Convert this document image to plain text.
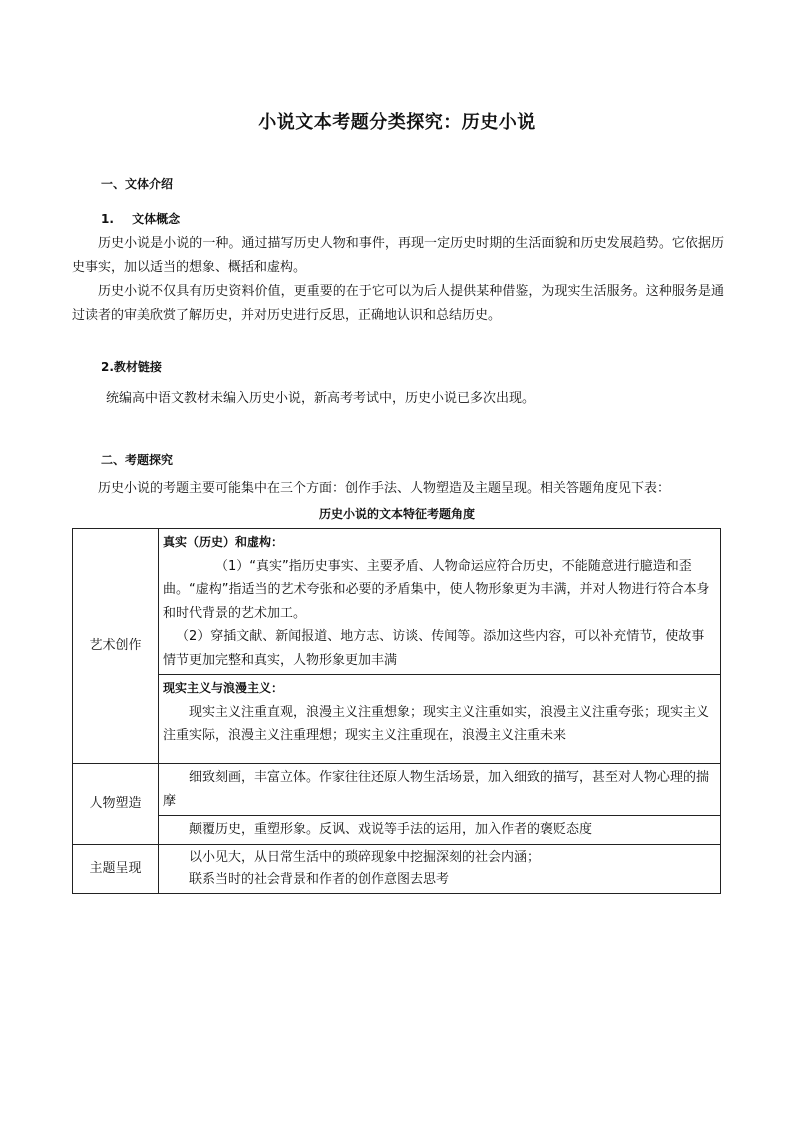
小说文本考题分类探究：历史小说
一、文体介绍
1. 文体概念
历史小说是小说的一种。通过描写历史人物和事件，再现一定历史时期的生活面貌和历史发展趋势。它依据历史事实，加以适当的想象、概括和虚构。
历史小说不仅具有历史资料价值，更重要的在于它可以为后人提供某种借鉴，为现实生活服务。这种服务是通过读者的审美欣赏了解历史，并对历史进行反思，正确地认识和总结历史。
2.教材链接
统编高中语文教材未编入历史小说，新高考考试中，历史小说已多次出现。
二、考题探究
历史小说的考题主要可能集中在三个方面：创作手法、人物塑造及主题呈现。相关答题角度见下表：
历史小说的文本特征考题角度
艺术创作	真实（历史）和虚构：
（1）“真实”指历史事实、主要矛盾、人物命运应符合历史，不能随意进行臆造和歪曲。“虚构”指适当的艺术夸张和必要的矛盾集中，使人物形象更为丰满，并对人物进行符合本身和时代背景的艺术加工。
（2）穿插文献、新闻报道、地方志、访谈、传闻等。添加这些内容，可以补充情节，使故事情节更加完整和真实，人物形象更加丰满

	现实主义与浪漫主义：
现实主义注重直观，浪漫主义注重想象；现实主义注重如实，浪漫主义注重夸张；现实主义注重实际，浪漫主义注重理想；现实主义注重现在，浪漫主义注重未来

人物塑造	细致刻画，丰富立体。作家往往还原人物生活场景，加入细致的描写，甚至对人物心理的揣摩

	颠覆历史，重塑形象。反讽、戏说等手法的运用，加入作者的褒贬态度

主题呈现	以小见大，从日常生活中的琐碎现象中挖掘深刻的社会内涵；
联系当时的社会背景和作者的创作意图去思考
